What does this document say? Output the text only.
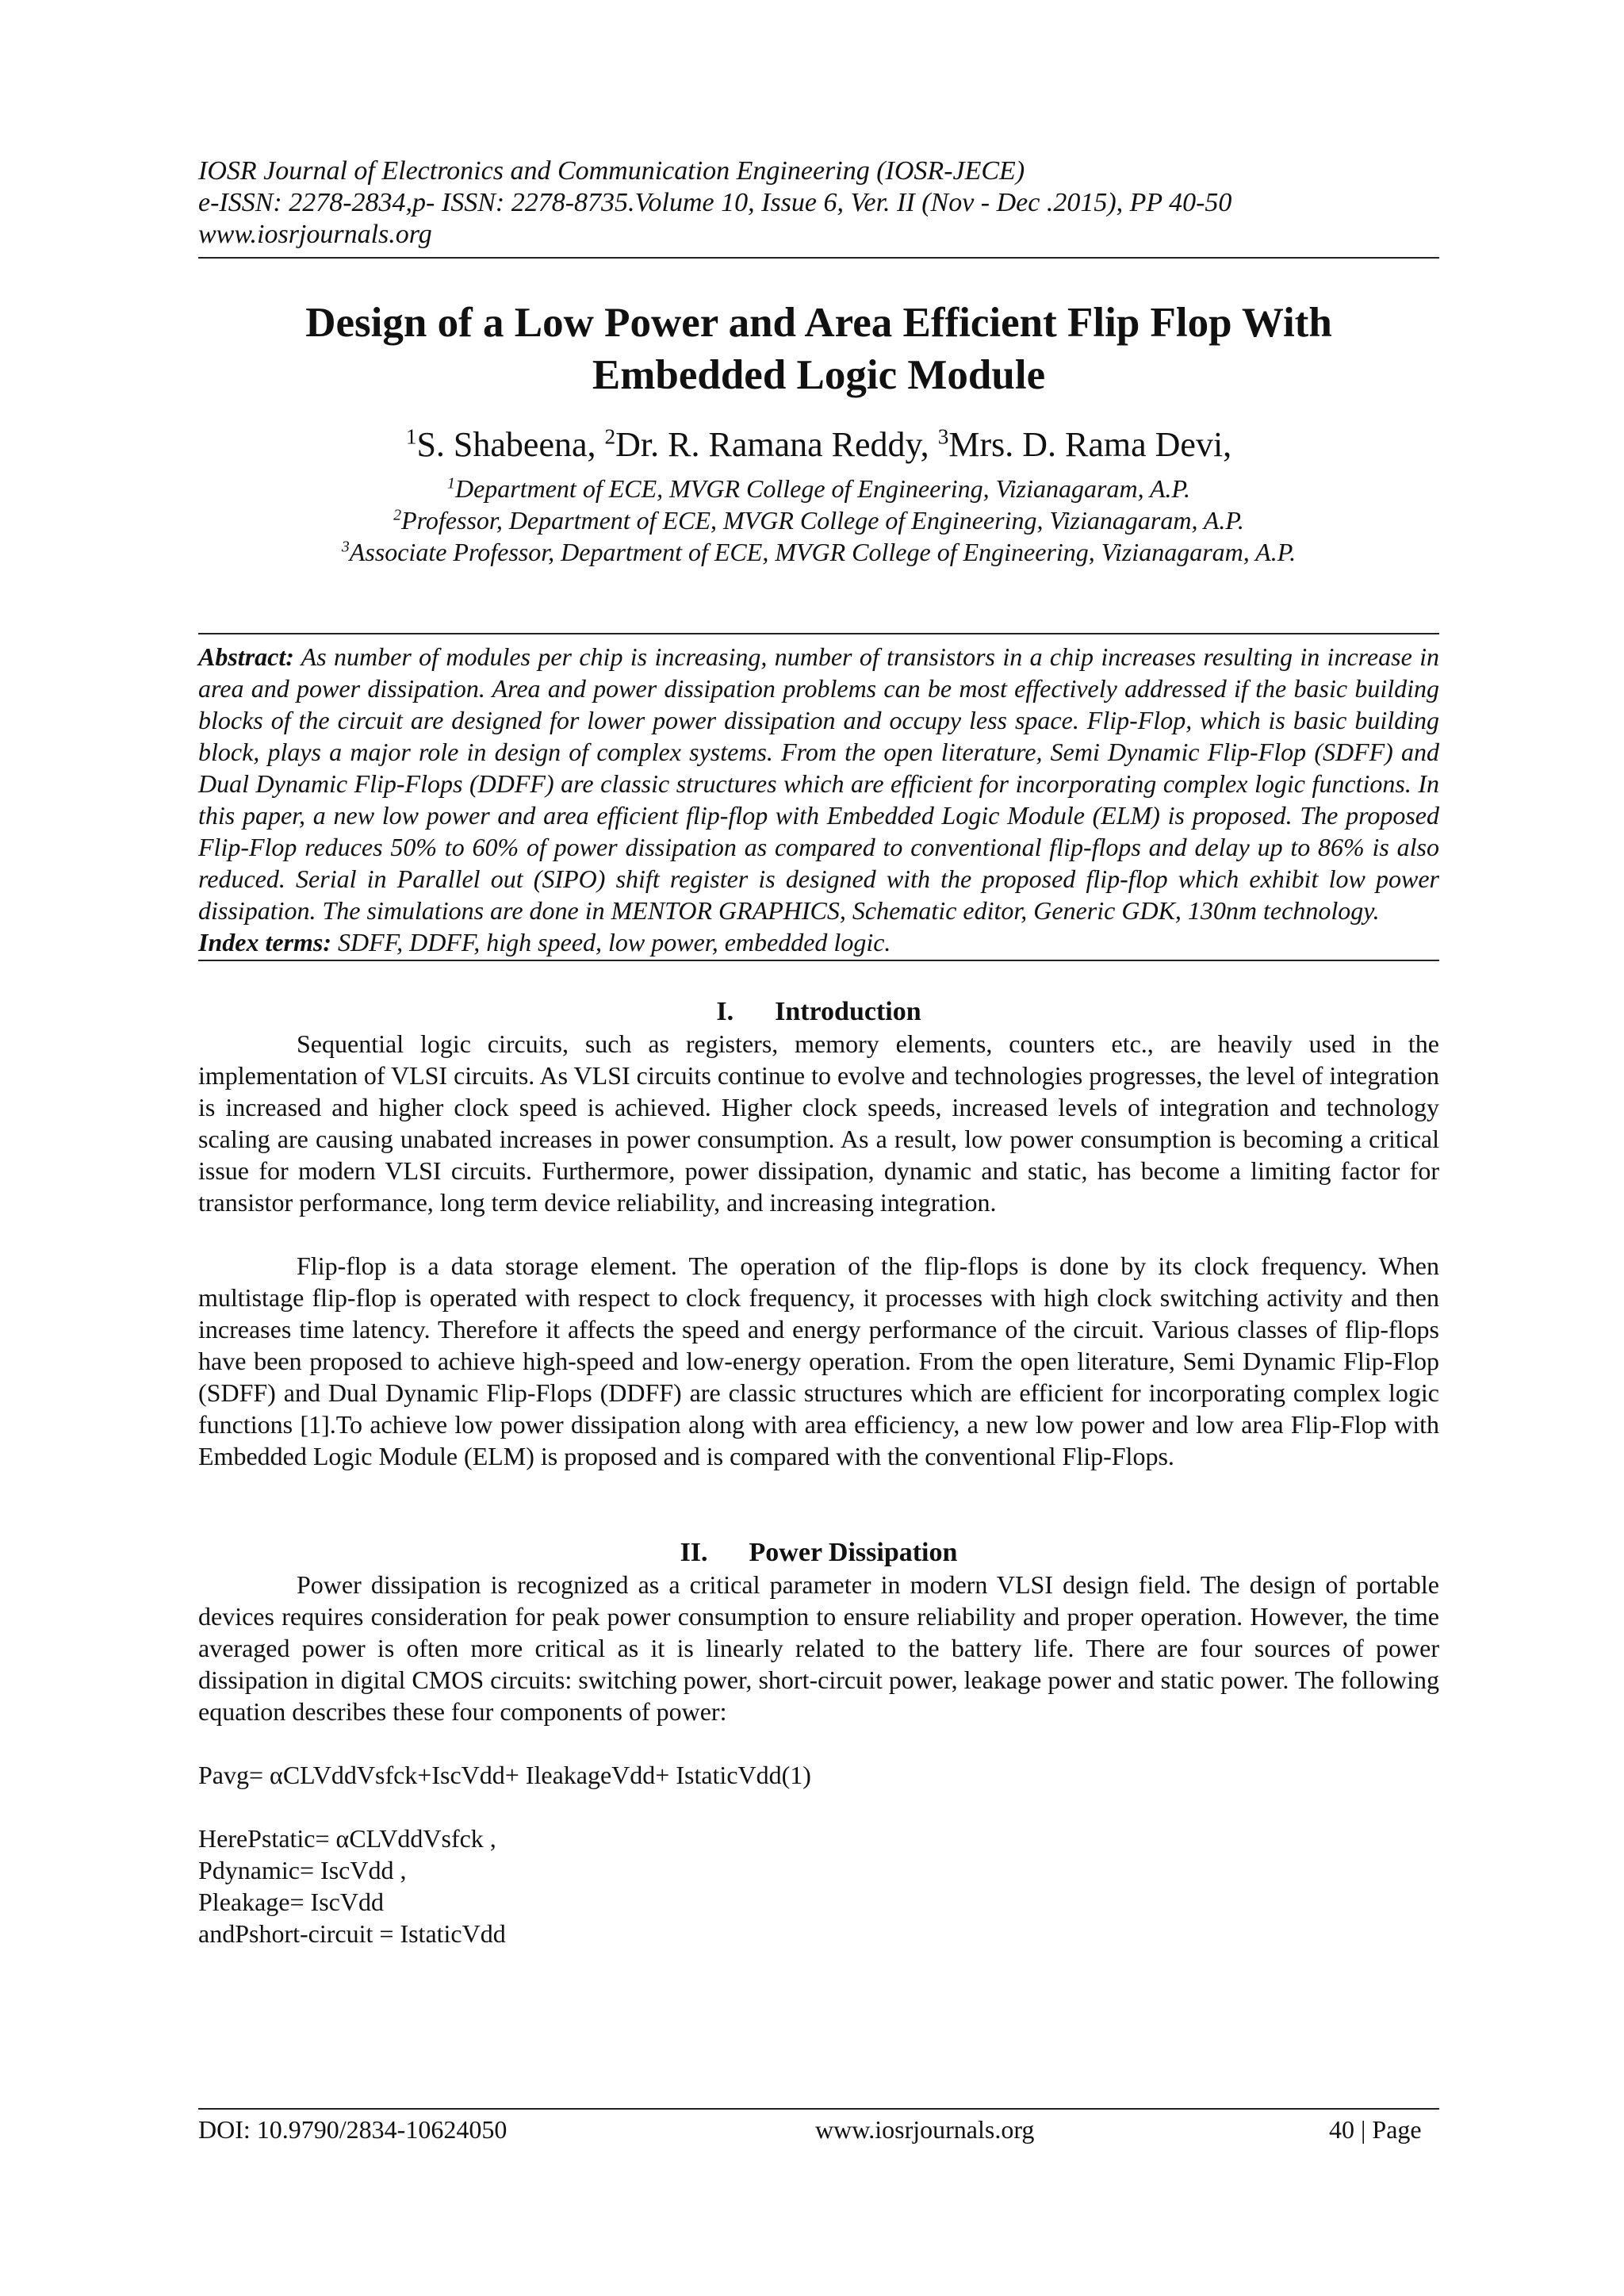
IOSR Journal of Electronics and Communication Engineering (IOSR-JECE)
e-ISSN: 2278-2834,p- ISSN: 2278-8735.Volume 10, Issue 6, Ver. II (Nov - Dec .2015), PP 40-50
www.iosrjournals.org
Design of a Low Power and Area Efficient Flip Flop With
Embedded Logic Module
$^1$S. Shabeena, $^2$Dr. R. Ramana Reddy, $^3$Mrs. D. Rama Devi,
$^1$Department of ECE, MVGR College of Engineering, Vizianagaram, A.P.
$^2$Professor, Department of ECE, MVGR College of Engineering, Vizianagaram, A.P.
$^3$Associate Professor, Department of ECE, MVGR College of Engineering, Vizianagaram, A.P.
Abstract: As number of modules per chip is increasing, number of transistors in a chip increases resulting in increase in area and power dissipation. Area and power dissipation problems can be most effectively addressed if the basic building blocks of the circuit are designed for lower power dissipation and occupy less space. Flip-Flop, which is basic building block, plays a major role in design of complex systems. From the open literature, Semi Dynamic Flip-Flop (SDFF) and Dual Dynamic Flip-Flops (DDFF) are classic structures which are efficient for incorporating complex logic functions. In this paper, a new low power and area efficient flip-flop with Embedded Logic Module (ELM) is proposed. The proposed Flip-Flop reduces 50% to 60% of power dissipation as compared to conventional flip-flops and delay up to 86% is also reduced. Serial in Parallel out (SIPO) shift register is designed with the proposed flip-flop which exhibit low power dissipation. The simulations are done in MENTOR GRAPHICS, Schematic editor, Generic GDK, 130nm technology.
Index terms: SDFF, DDFF, high speed, low power, embedded logic.
I. Introduction
Sequential logic circuits, such as registers, memory elements, counters etc., are heavily used in the implementation of VLSI circuits. As VLSI circuits continue to evolve and technologies progresses, the level of integration is increased and higher clock speed is achieved. Higher clock speeds, increased levels of integration and technology scaling are causing unabated increases in power consumption. As a result, low power consumption is becoming a critical issue for modern VLSI circuits. Furthermore, power dissipation, dynamic and static, has become a limiting factor for transistor performance, long term device reliability, and increasing integration.
Flip-flop is a data storage element. The operation of the flip-flops is done by its clock frequency. When multistage flip-flop is operated with respect to clock frequency, it processes with high clock switching activity and then increases time latency. Therefore it affects the speed and energy performance of the circuit. Various classes of flip-flops have been proposed to achieve high-speed and low-energy operation. From the open literature, Semi Dynamic Flip-Flop (SDFF) and Dual Dynamic Flip-Flops (DDFF) are classic structures which are efficient for incorporating complex logic functions [1].To achieve low power dissipation along with area efficiency, a new low power and low area Flip-Flop with Embedded Logic Module (ELM) is proposed and is compared with the conventional Flip-Flops.
II. Power Dissipation
Power dissipation is recognized as a critical parameter in modern VLSI design field. The design of portable devices requires consideration for peak power consumption to ensure reliability and proper operation. However, the time averaged power is often more critical as it is linearly related to the battery life. There are four sources of power dissipation in digital CMOS circuits: switching power, short-circuit power, leakage power and static power. The following equation describes these four components of power:
Pavg= αCLVddVsfck+IscVdd+ IleakageVdd+ IstaticVdd(1)
HerePstatic= αCLVddVsfck ,
Pdynamic= IscVdd ,
Pleakage= IscVdd
andPshort-circuit = IstaticVdd
DOI: 10.9790/2834-10624050	www.iosrjournals.org	40 | Page
